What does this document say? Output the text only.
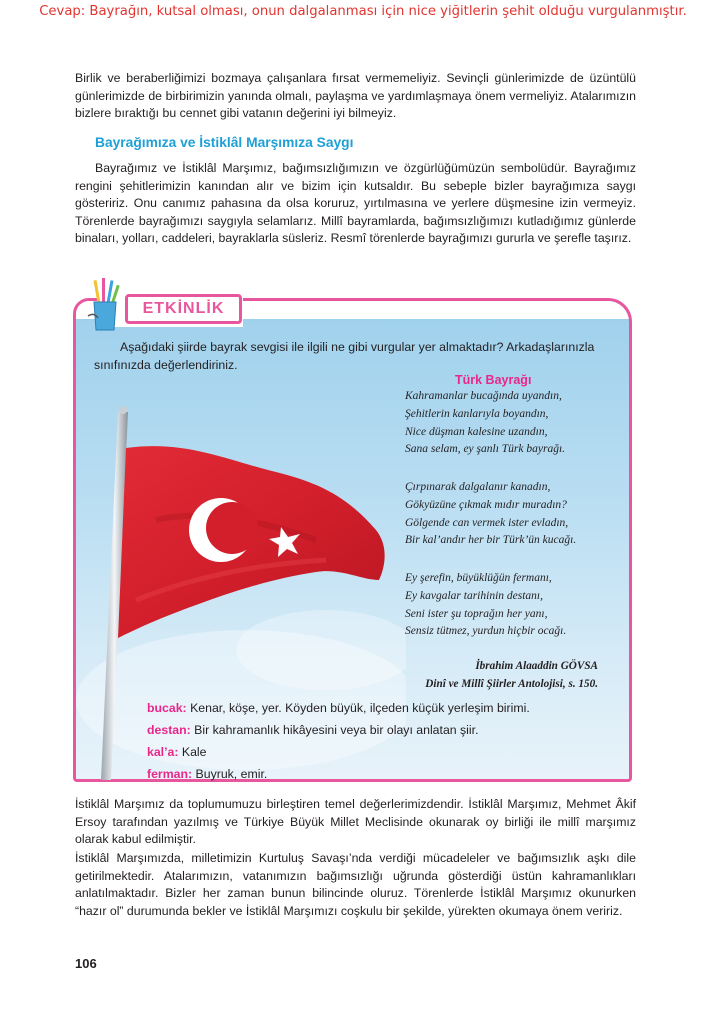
Cevap: Bayrağın, kutsal olması, onun dalgalanması için nice yiğitlerin şehit olduğu vurgulanmıştır.

Birlik ve beraberliğimizi bozmaya çalışanlara fırsat vermemeliyiz. Sevinçli günlerimizde de üzüntülü günlerimizde de birbirimizin yanında olmalı, paylaşma ve yardımlaşmaya önem vermeliyiz. Atalarımızın bizlere bıraktığı bu cennet gibi vatanın değerini iyi bilmeyiz.

Bayrağımıza ve İstiklâl Marşımıza Saygı

Bayrağımız ve İstiklâl Marşımız, bağımsızlığımızın ve özgürlüğümüzün sembolüdür. Bayrağımız rengini şehitlerimizin kanından alır ve bizim için kutsaldır. Bu sebeple bizler bayrağımıza saygı gösteririz. Onu canımız pahasına da olsa koruruz, yırtılmasına ve yerlere düşmesine izin vermeyiz. Törenlerde bayrağımızı saygıyla selamlarız. Millî bayramlarda, bağımsızlığımızı kutladığımız günlerde binaları, yolları, caddeleri, bayraklarla süsleriz. Resmî törenlerde bayrağımızı gururla ve şerefle taşırız.

ETKİNLİK

Aşağıdaki şiirde bayrak sevgisi ile ilgili ne gibi vurgular yer almaktadır? Arkadaşlarınızla sınıfınızda değerlendiriniz.

Türk Bayrağı
Kahramanlar bucağında uyandın,
Şehitlerin kanlarıyla boyandın,
Nice düşman kalesine uzandın,
Sana selam, ey şanlı Türk bayrağı.
Çırpınarak dalgalanır kanadın,
Gökyüzüne çıkmak mıdır muradın?
Gölgende can vermek ister evladın,
Bir kal’andır her bir Türk’ün kucağı.
Ey şerefin, büyüklüğün fermanı,
Ey kavgalar tarihinin destanı,
Seni ister şu toprağın her yanı,
Sensiz tütmez, yurdun hiçbir ocağı.
İbrahim Alaaddin GÖVSA
Dinî ve Millî Şiirler Antolojisi, s. 150.
bucak: Kenar, köşe, yer. Köyden büyük, ilçeden küçük yerleşim birimi.
destan: Bir kahramanlık hikâyesini veya bir olayı anlatan şiir.
kal’a: Kale
ferman: Buyruk, emir.

İstiklâl Marşımız da toplumumuzu birleştiren temel değerlerimizdendir. İstiklâl Marşımız, Mehmet Âkif Ersoy tarafından yazılmış ve Türkiye Büyük Millet Meclisinde okunarak oy birliği ile millî marşımız olarak kabul edilmiştir.

İstiklâl Marşımızda, milletimizin Kurtuluş Savaşı’nda verdiği mücadeleler ve bağımsızlık aşkı dile getirilmektedir. Atalarımızın, vatanımızın bağımsızlığı uğrunda gösterdiği üstün kahramanlıkları anlatılmaktadır. Bizler her zaman bunun bilincinde oluruz. Törenlerde İstiklâl Marşımız okunurken “hazır ol” durumunda bekler ve İstiklâl Marşımızı coşkulu bir şekilde, yürekten okumaya önem veririz.

106
